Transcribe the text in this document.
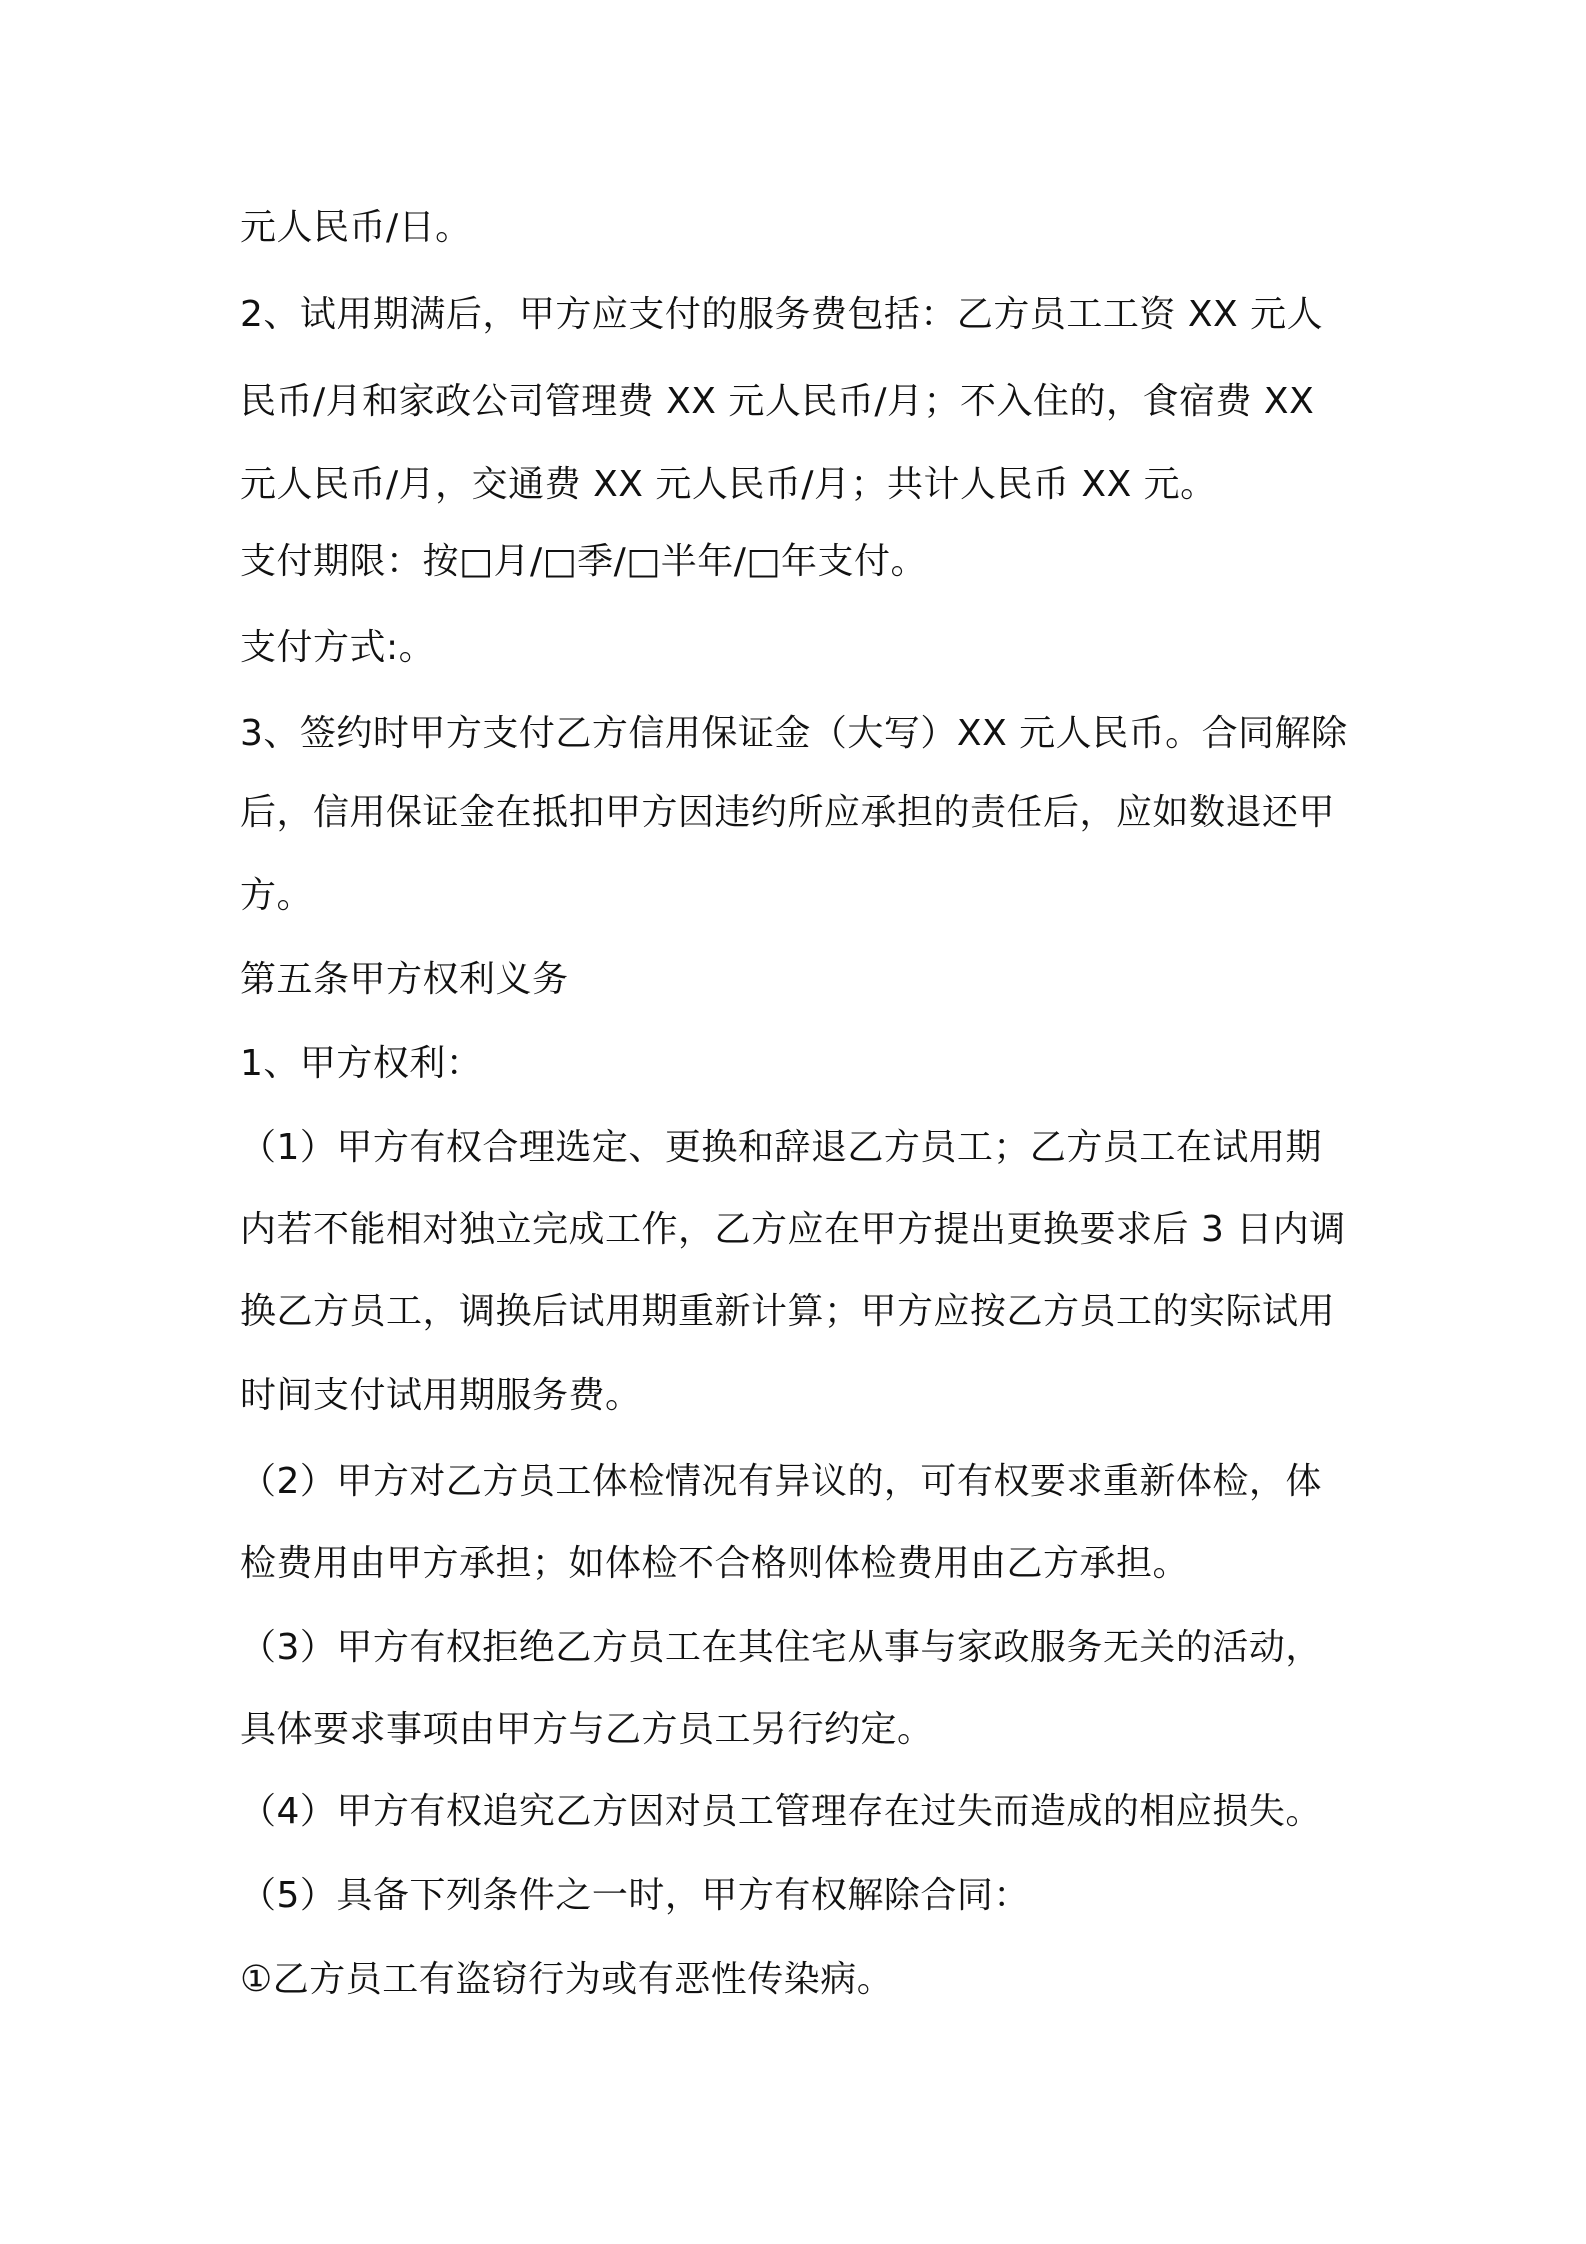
元人民币/日。
2、试用期满后，甲方应支付的服务费包括：乙方员工工资 XX 元人
民币/月和家政公司管理费 XX 元人民币/月；不入住的，食宿费 XX
元人民币/月，交通费 XX 元人民币/月；共计人民币 XX 元。
支付期限：按□月/□季/□半年/□年支付。
支付方式:。
3、签约时甲方支付乙方信用保证金（大写）XX 元人民币。合同解除
后，信用保证金在抵扣甲方因违约所应承担的责任后，应如数退还甲
方。
第五条甲方权利义务
1、甲方权利：
（1）甲方有权合理选定、更换和辞退乙方员工；乙方员工在试用期
内若不能相对独立完成工作，乙方应在甲方提出更换要求后 3 日内调
换乙方员工，调换后试用期重新计算；甲方应按乙方员工的实际试用
时间支付试用期服务费。
（2）甲方对乙方员工体检情况有异议的，可有权要求重新体检，体
检费用由甲方承担；如体检不合格则体检费用由乙方承担。
（3）甲方有权拒绝乙方员工在其住宅从事与家政服务无关的活动，
具体要求事项由甲方与乙方员工另行约定。
（4）甲方有权追究乙方因对员工管理存在过失而造成的相应损失。
（5）具备下列条件之一时，甲方有权解除合同：
①乙方员工有盗窃行为或有恶性传染病。
